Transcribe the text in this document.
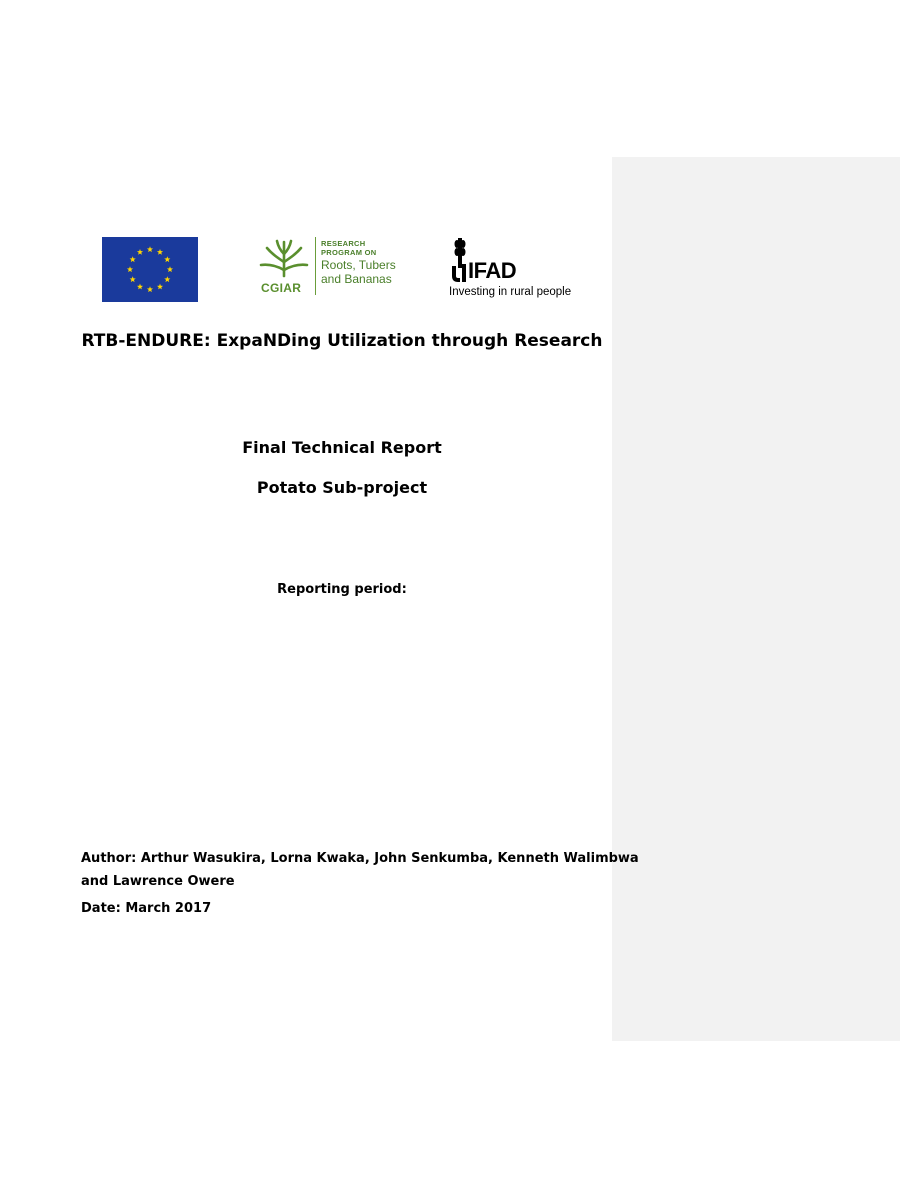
CGIAR
RESEARCH
PROGRAM ON
Roots, Tubers
and Bananas	IFAD
Investing in rural people
RTB-ENDURE: ExpaNDing Utilization through Research
Final Technical Report
Potato Sub-project
Reporting period:
Author: Arthur Wasukira, Lorna Kwaka, John Senkumba, Kenneth Walimbwa
and Lawrence Owere
Date: March 2017
